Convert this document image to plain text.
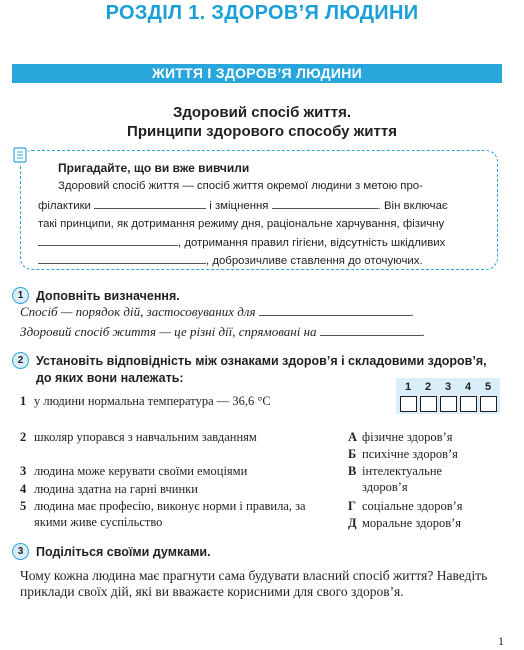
РОЗДІЛ 1. ЗДОРОВ’Я ЛЮДИНИ
ЖИТТЯ І ЗДОРОВ’Я ЛЮДИНИ
Здоровий спосіб життя.
Принципи здорового способу життя
Пригадайте, що ви вже вивчили
Здоровий спосіб життя — спосіб життя окремої людини з метою про-
філактики	і зміцнення	. Він включає
такі принципи, як дотримання режиму дня, раціональне харчування, фізичну
, дотримання правил гігієни, відсутність шкідливих
, доброзичливе ставлення до оточуючих.
1	Доповніть визначення.
Спосіб — порядок дій, застосовуваних для	.
Здоровий спосіб життя — це різні дії, спрямовані на	.
2	Установіть відповідність між ознаками здоров’я і складовими здоров’я,
до яких вони належать:
1	2	3	4	5
1 у людини нормальна температура — 36,6 °C
2 школяр упорався з навчальним завданням
3 людина може керувати своїми емоціями
4 людина здатна на гарні вчинки
5 людина має професію, виконує норми і правила, за якими живе суспільство
А фізичне здоров’я
Б психічне здоров’я
В інтелектуальне здоров’я
Г соціальне здоров’я
Д моральне здоров’я
3	Поділіться своїми думками.
Чому кожна людина має прагнути сама будувати власний спосіб життя? Наведіть приклади своїх дій, які ви вважаєте корисними для свого здоров’я.
1
